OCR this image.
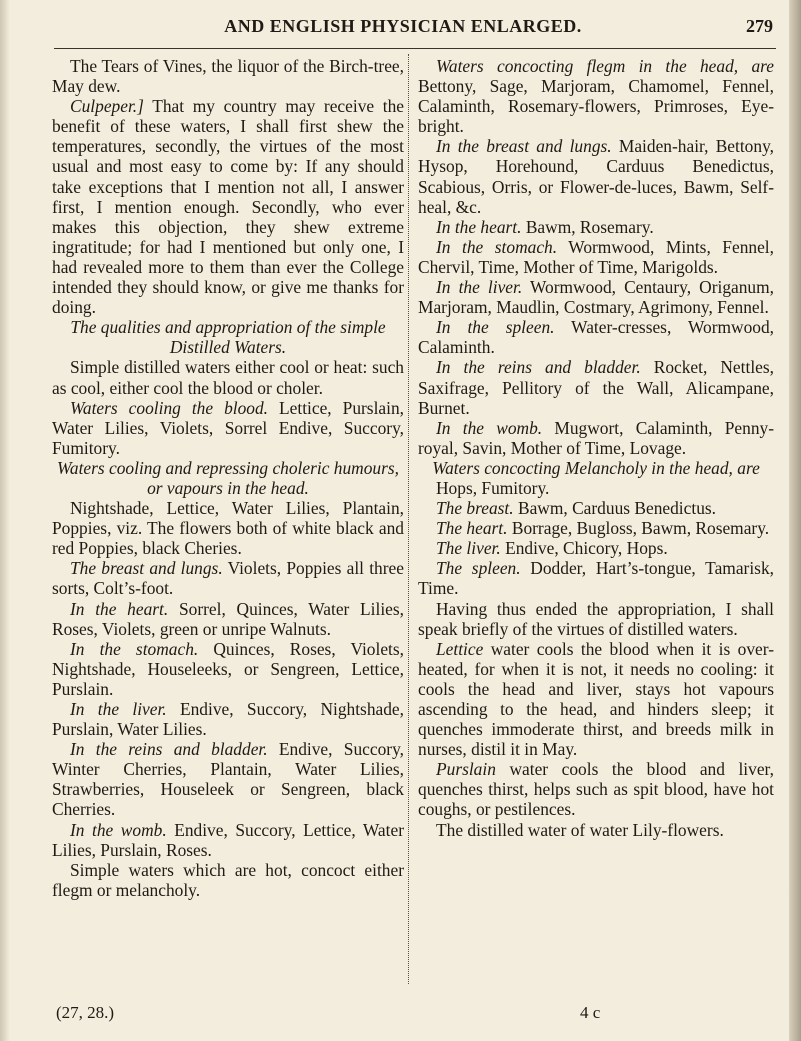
AND ENGLISH PHYSICIAN ENLARGED.	279

The Tears of Vines, the liquor of the Birch-tree, May dew.

Culpeper.] That my country may receive the benefit of these waters, I shall first shew the temperatures, secondly, the virtues of the most usual and most easy to come by: If any should take exceptions that I mention not all, I answer first, I mention enough. Secondly, who ever makes this objection, they shew extreme ingratitude; for had I mentioned but only one, I had revealed more to them than ever the College intended they should know, or give me thanks for doing.

The qualities and appropriation of the simple Distilled Waters.

Simple distilled waters either cool or heat: such as cool, either cool the blood or choler.

Waters cooling the blood. Lettice, Purslain, Water Lilies, Violets, Sorrel Endive, Succory, Fumitory.

Waters cooling and repressing choleric humours, or vapours in the head.

Nightshade, Lettice, Water Lilies, Plantain, Poppies, viz. The flowers both of white black and red Poppies, black Cheries.

The breast and lungs. Violets, Poppies all three sorts, Colt’s-foot.

In the heart. Sorrel, Quinces, Water Lilies, Roses, Violets, green or unripe Walnuts.

In the stomach. Quinces, Roses, Violets, Nightshade, Houseleeks, or Sengreen, Lettice, Purslain.

In the liver. Endive, Succory, Nightshade, Purslain, Water Lilies.

In the reins and bladder. Endive, Succory, Winter Cherries, Plantain, Water Lilies, Strawberries, Houseleek or Sengreen, black Cherries.

In the womb. Endive, Succory, Lettice, Water Lilies, Purslain, Roses.

Simple waters which are hot, concoct either flegm or melancholy.

Waters concocting flegm in the head, are Bettony, Sage, Marjoram, Chamomel, Fennel, Calaminth, Rosemary-flowers, Primroses, Eye-bright.

In the breast and lungs. Maiden-hair, Bettony, Hysop, Horehound, Carduus Benedictus, Scabious, Orris, or Flower-de-luces, Bawm, Self-heal, &c.

In the heart. Bawm, Rosemary.

In the stomach. Wormwood, Mints, Fennel, Chervil, Time, Mother of Time, Marigolds.

In the liver. Wormwood, Centaury, Origanum, Marjoram, Maudlin, Costmary, Agrimony, Fennel.

In the spleen. Water-cresses, Wormwood, Calaminth.

In the reins and bladder. Rocket, Nettles, Saxifrage, Pellitory of the Wall, Alicampane, Burnet.

In the womb. Mugwort, Calaminth, Penny-royal, Savin, Mother of Time, Lovage.

Waters concocting Melancholy in the head, are

Hops, Fumitory.

The breast. Bawm, Carduus Benedictus.

The heart. Borrage, Bugloss, Bawm, Rosemary.

The liver. Endive, Chicory, Hops.

The spleen. Dodder, Hart’s-tongue, Tamarisk, Time.

Having thus ended the appropriation, I shall speak briefly of the virtues of distilled waters.

Lettice water cools the blood when it is over-heated, for when it is not, it needs no cooling: it cools the head and liver, stays hot vapours ascending to the head, and hinders sleep; it quenches immoderate thirst, and breeds milk in nurses, distil it in May.

Purslain water cools the blood and liver, quenches thirst, helps such as spit blood, have hot coughs, or pestilences.

The distilled water of water Lily-flowers.

(27, 28.)	4 c
